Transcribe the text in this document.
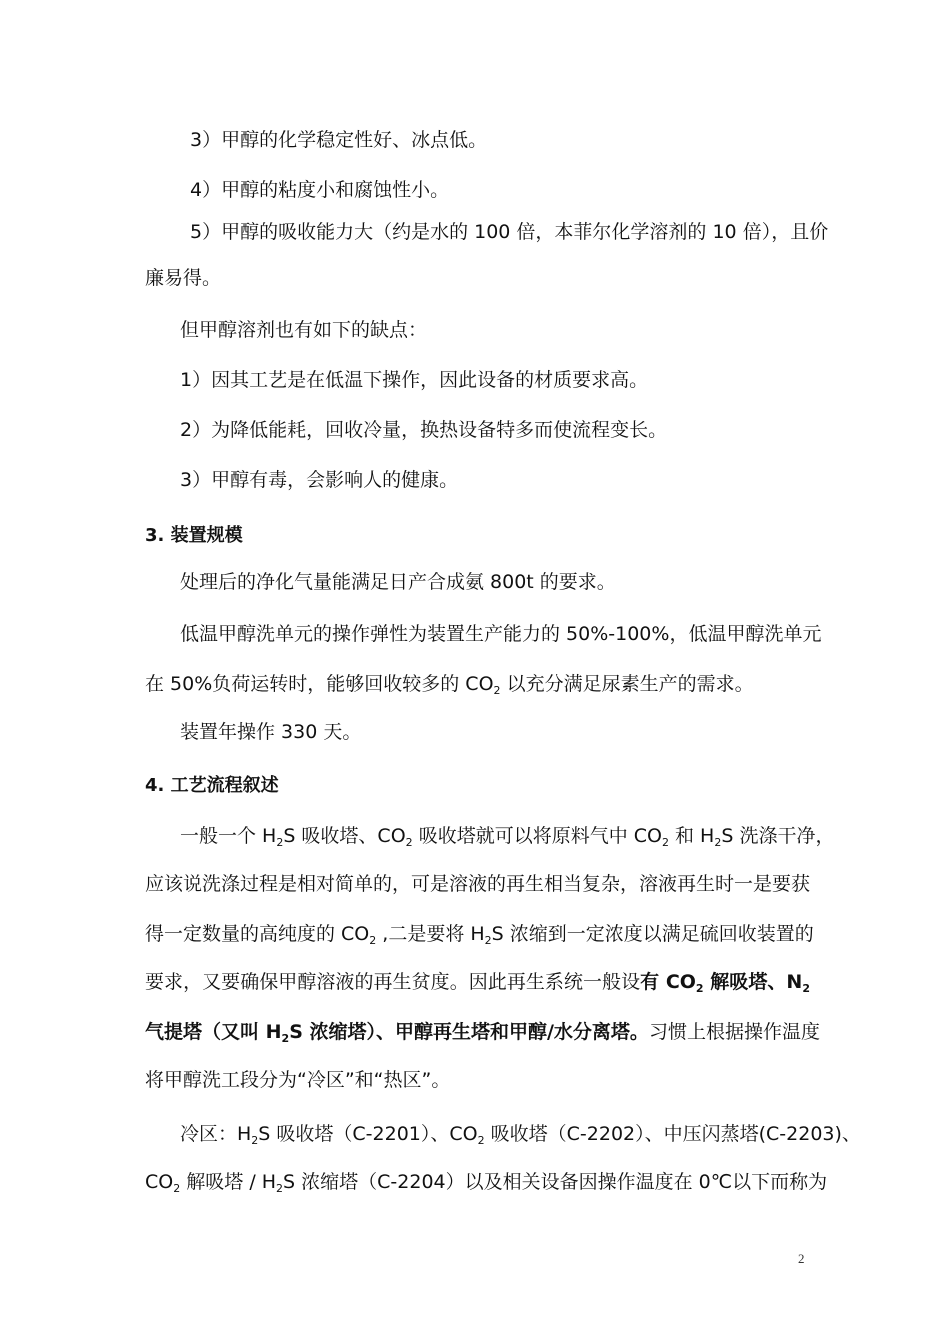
3）甲醇的化学稳定性好、冰点低。
4）甲醇的粘度小和腐蚀性小。
5）甲醇的吸收能力大（约是水的 100 倍，本菲尔化学溶剂的 10 倍），且价
廉易得。
但甲醇溶剂也有如下的缺点：
1）因其工艺是在低温下操作，因此设备的材质要求高。
2）为降低能耗，回收冷量，换热设备特多而使流程变长。
3）甲醇有毒，会影响人的健康。
3. 装置规模
处理后的净化气量能满足日产合成氨 800t 的要求。
低温甲醇洗单元的操作弹性为装置生产能力的 50%-100%，低温甲醇洗单元
在 50%负荷运转时，能够回收较多的 $CO_2$ 以充分满足尿素生产的需求。
装置年操作 330 天。
4. 工艺流程叙述
一般一个 $H_2S$ 吸收塔、$CO_2$ 吸收塔就可以将原料气中 $CO_2$ 和 $H_2S$ 洗涤干净，
应该说洗涤过程是相对简单的，可是溶液的再生相当复杂，溶液再生时一是要获
得一定数量的高纯度的 $CO_2$ ,二是要将 $H_2S$ 浓缩到一定浓度以满足硫回收装置的
要求，又要确保甲醇溶液的再生贫度。因此再生系统一般设有 $CO_2$ 解吸塔、$N_2$
气提塔（又叫 $H_2S$ 浓缩塔）、甲醇再生塔和甲醇/水分离塔。习惯上根据操作温度
将甲醇洗工段分为“冷区”和“热区”。
冷区：$H_2S$ 吸收塔（C-2201）、$CO_2$ 吸收塔（C-2202）、中压闪蒸塔(C-2203)、
$CO_2$ 解吸塔 / $H_2S$ 浓缩塔（C-2204）以及相关设备因操作温度在 0℃以下而称为
2
